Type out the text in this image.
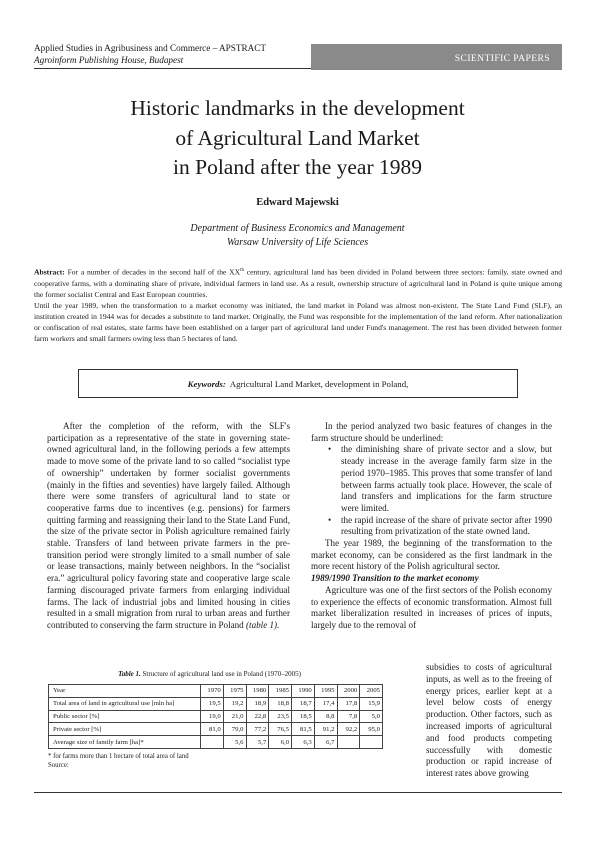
Applied Studies in Agribusiness and Commerce – APSTRACT
Agroinform Publishing House, Budapest	SCIENTIFIC PAPERS
Historic landmarks in the development
of Agricultural Land Market
in Poland after the year 1989
Edward Majewski
Department of Business Economics and Management
Warsaw University of Life Sciences

Abstract: For a number of decades in the second half of the XXth century, agricultural land has been divided in Poland between three sectors: family, state owned and cooperative farms, with a dominating share of private, individual farmers in land use. As a result, ownership structure of agricultural land in Poland is quite unique among the former socialist Central and East European countries.

Until the year 1989, when the transformation to a market economy was initiated, the land market in Poland was almost non-existent. The State Land Fund (SLF), an institution created in 1944 was for decades a substitute to land market. Originally, the Fund was responsible for the implementation of the land reform. After nationalization or confiscation of real estates, state farms have been established on a larger part of agricultural land under Fund's management. The rest has been divided between former farm workers and small farmers owing less than 5 hectares of land.

Keywords: Agricultural Land Market, development in Poland,

After the completion of the reform, with the SLF's participation as a representative of the state in governing state-owned agricultural land, in the following periods a few attempts made to move some of the private land to so called “socialist type of ownership” undertaken by former socialist governments (mainly in the fifties and seventies) have largely failed. Although there were some transfers of agricultural land to state or cooperative farms due to incentives (e.g. pensions) for farmers quitting farming and reassigning their land to the State Land Fund, the size of the private sector in Polish agriculture remained fairly stable. Transfers of land between private farmers in the pre-transition period were strongly limited to a small number of sale or lease transactions, mainly between neighbors. In the “socialist era.” agricultural policy favoring state and cooperative large scale farming discouraged private farmers from enlarging individual farms. The lack of industrial jobs and limited housing in cities resulted in a small migration from rural to urban areas and further contributed to conserving the farm structure in Poland (table 1).

In the period analyzed two basic features of changes in the farm structure should be underlined:

• the diminishing share of private sector and a slow, but steady increase in the average family farm size in the period 1970–1985. This proves that some transfer of land between farms actually took place. However, the scale of land transfers and implications for the farm structure were limited.
• the rapid increase of the share of private sector after 1990 resulting from privatization of the state owned land.

The year 1989, the beginning of the transformation to the market economy, can be considered as the first landmark in the more recent history of the Polish agricultural sector.

1989/1990 Transition to the market economy

Agriculture was one of the first sectors of the Polish economy to experience the effects of economic transformation. Almost full market liberalization resulted in increases of prices of inputs, largely due to the removal of

subsidies to costs of agricultural inputs, as well as to the freeing of energy prices, earlier kept at a level below costs of energy production. Other factors, such as increased imports of agricultural and food products competing successfully with domestic production or rapid increase of interest rates above growing
Table 1. Structure of agricultural land use in Poland (1970–2005)
Year	1970	1975	1980	1985	1990	1995	2000	2005
Total area of land in agricultural use [mln ha]	19,5	19,2	18,9	18,8	18,7	17,4	17,8	15,9
Public sector [%]	19,0	21,0	22,8	23,5	18,5	8,8	7,8	5,0
Private sector [%]	81,0	79,0	77,2	76,5	81,5	91,2	92,2	95,0
Average size of family farm [ha]*		5,6	5,7	6,0	6,3	6,7		
* for farms more than 1 hectare of total area of land
Source:
